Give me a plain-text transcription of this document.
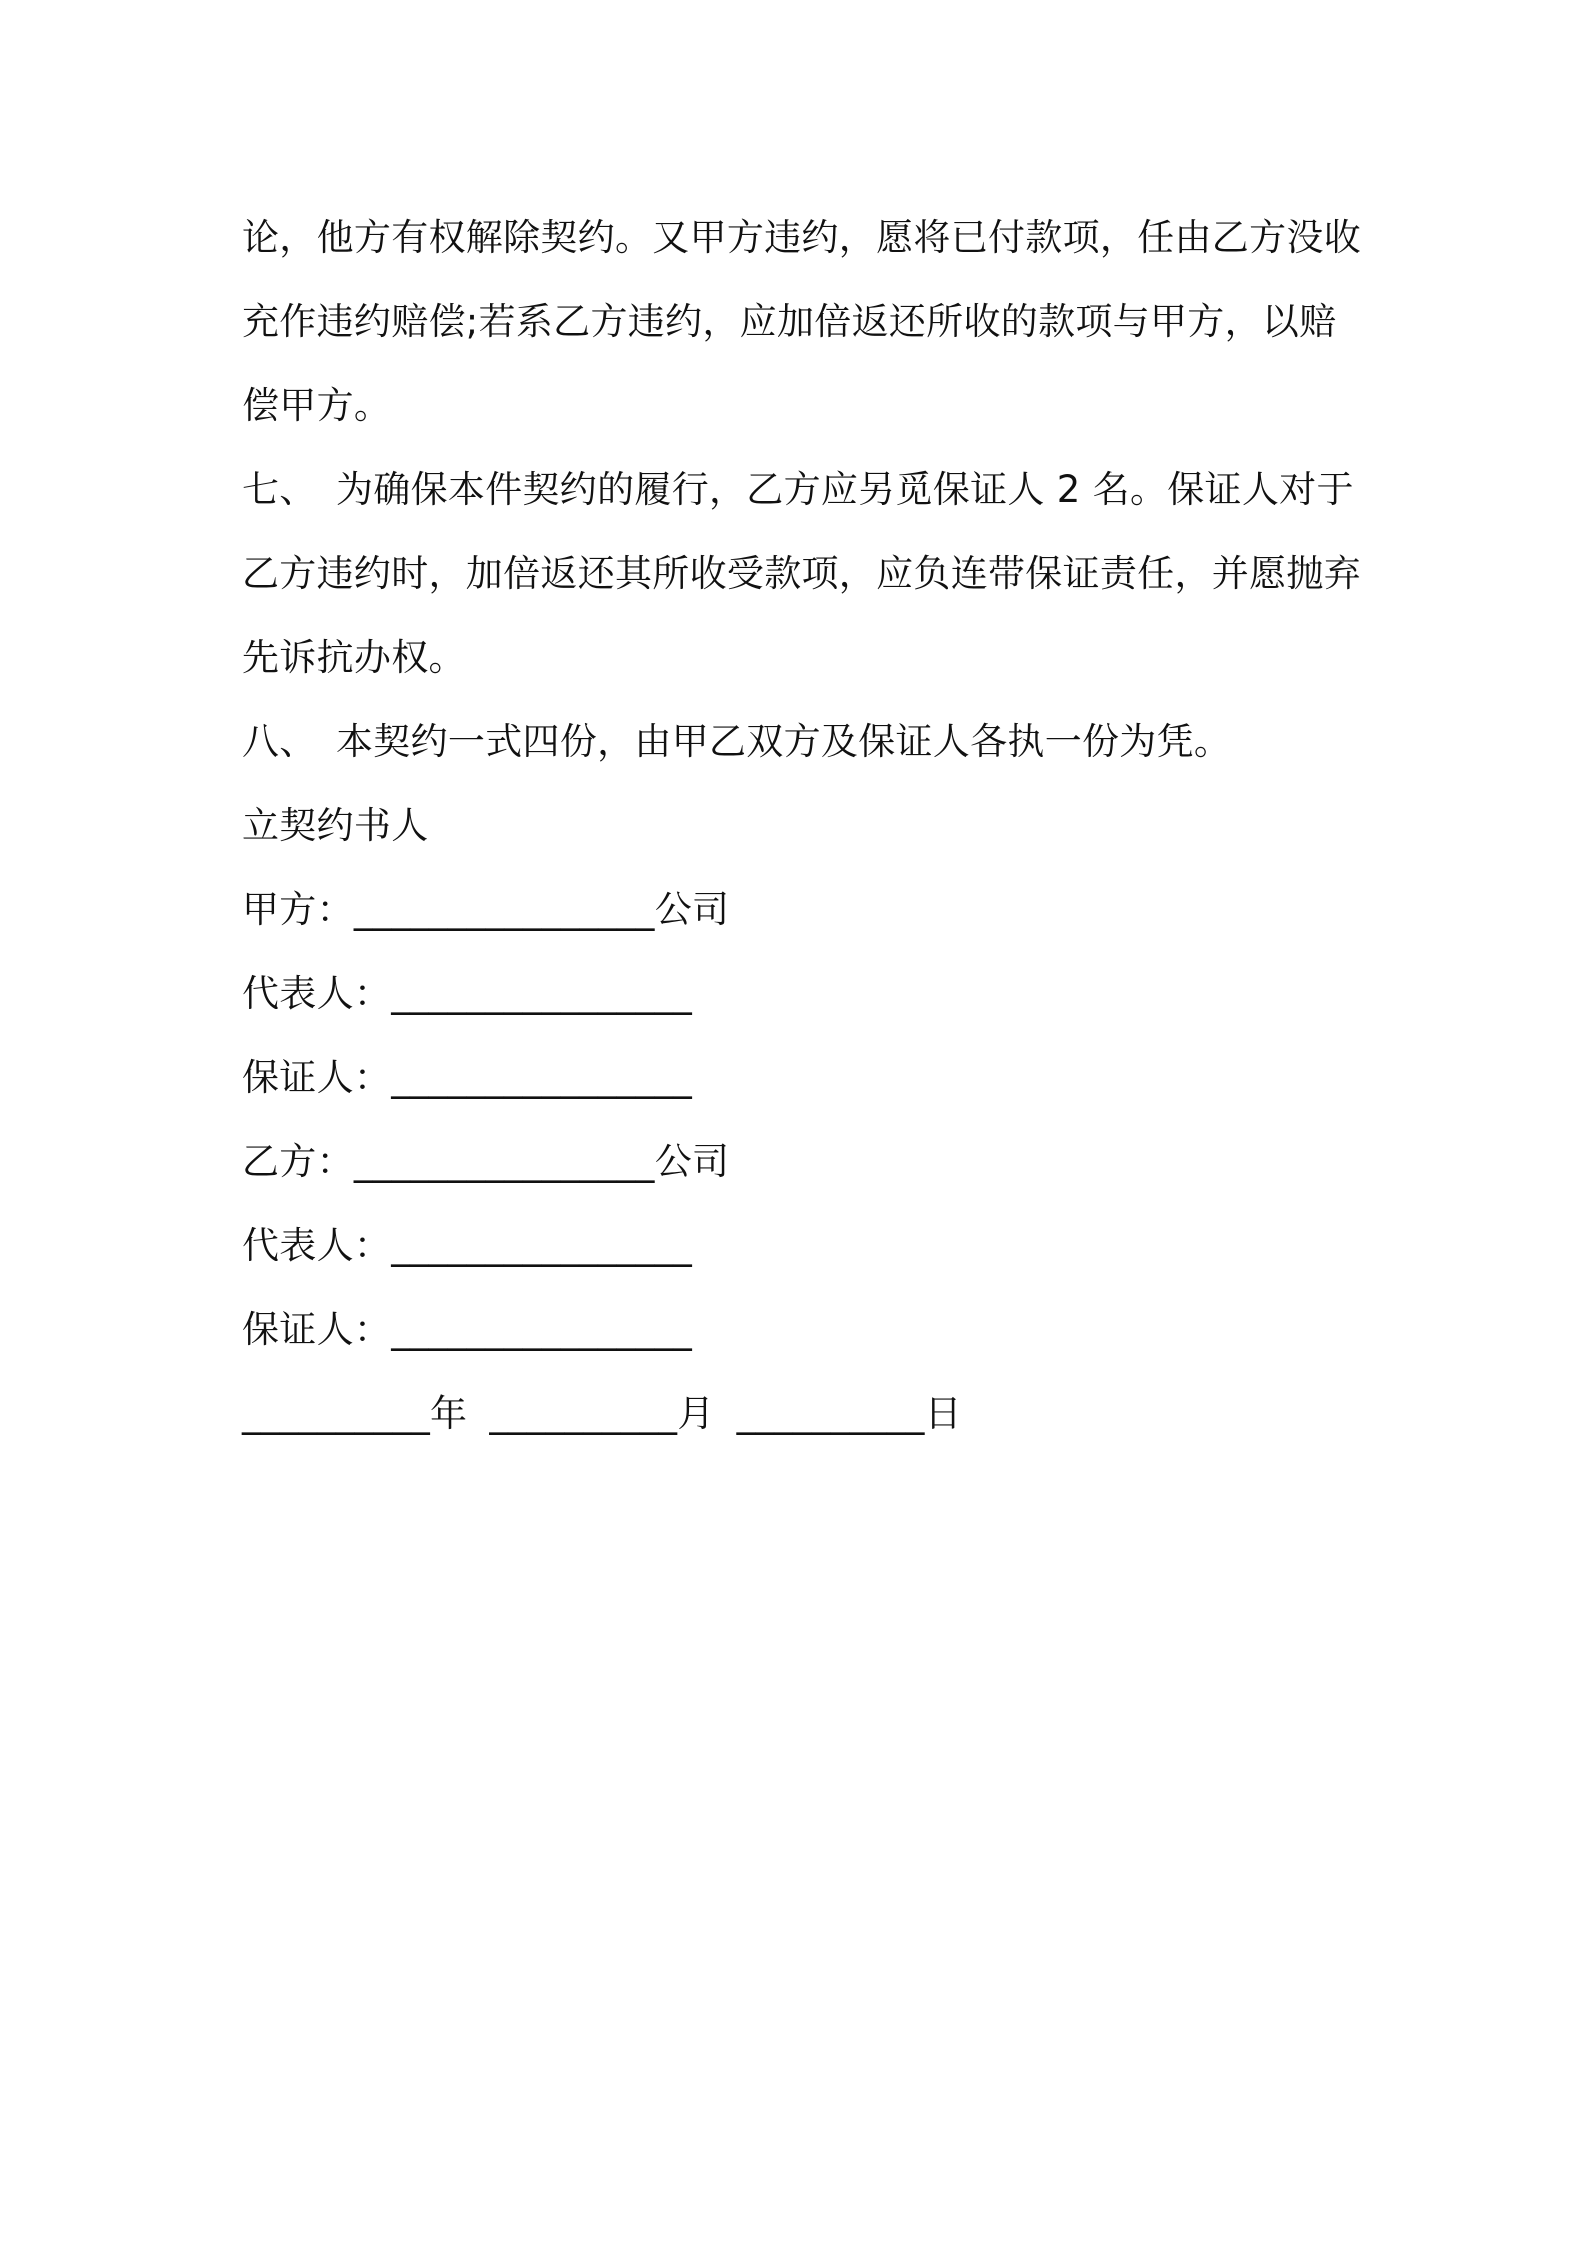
论，他方有权解除契约。又甲方违约，愿将已付款项，任由乙方没收
充作违约赔偿;若系乙方违约，应加倍返还所收的款项与甲方，以赔
偿甲方。
七、 为确保本件契约的履行，乙方应另觅保证人 2 名。保证人对于
乙方违约时，加倍返还其所收受款项，应负连带保证责任，并愿抛弃
先诉抗办权。
八、 本契约一式四份，由甲乙双方及保证人各执一份为凭。
立契约书人
甲方：________________公司
代表人：________________
保证人：________________
乙方：________________公司
代表人：________________
保证人：________________
__________年 __________月 __________日
